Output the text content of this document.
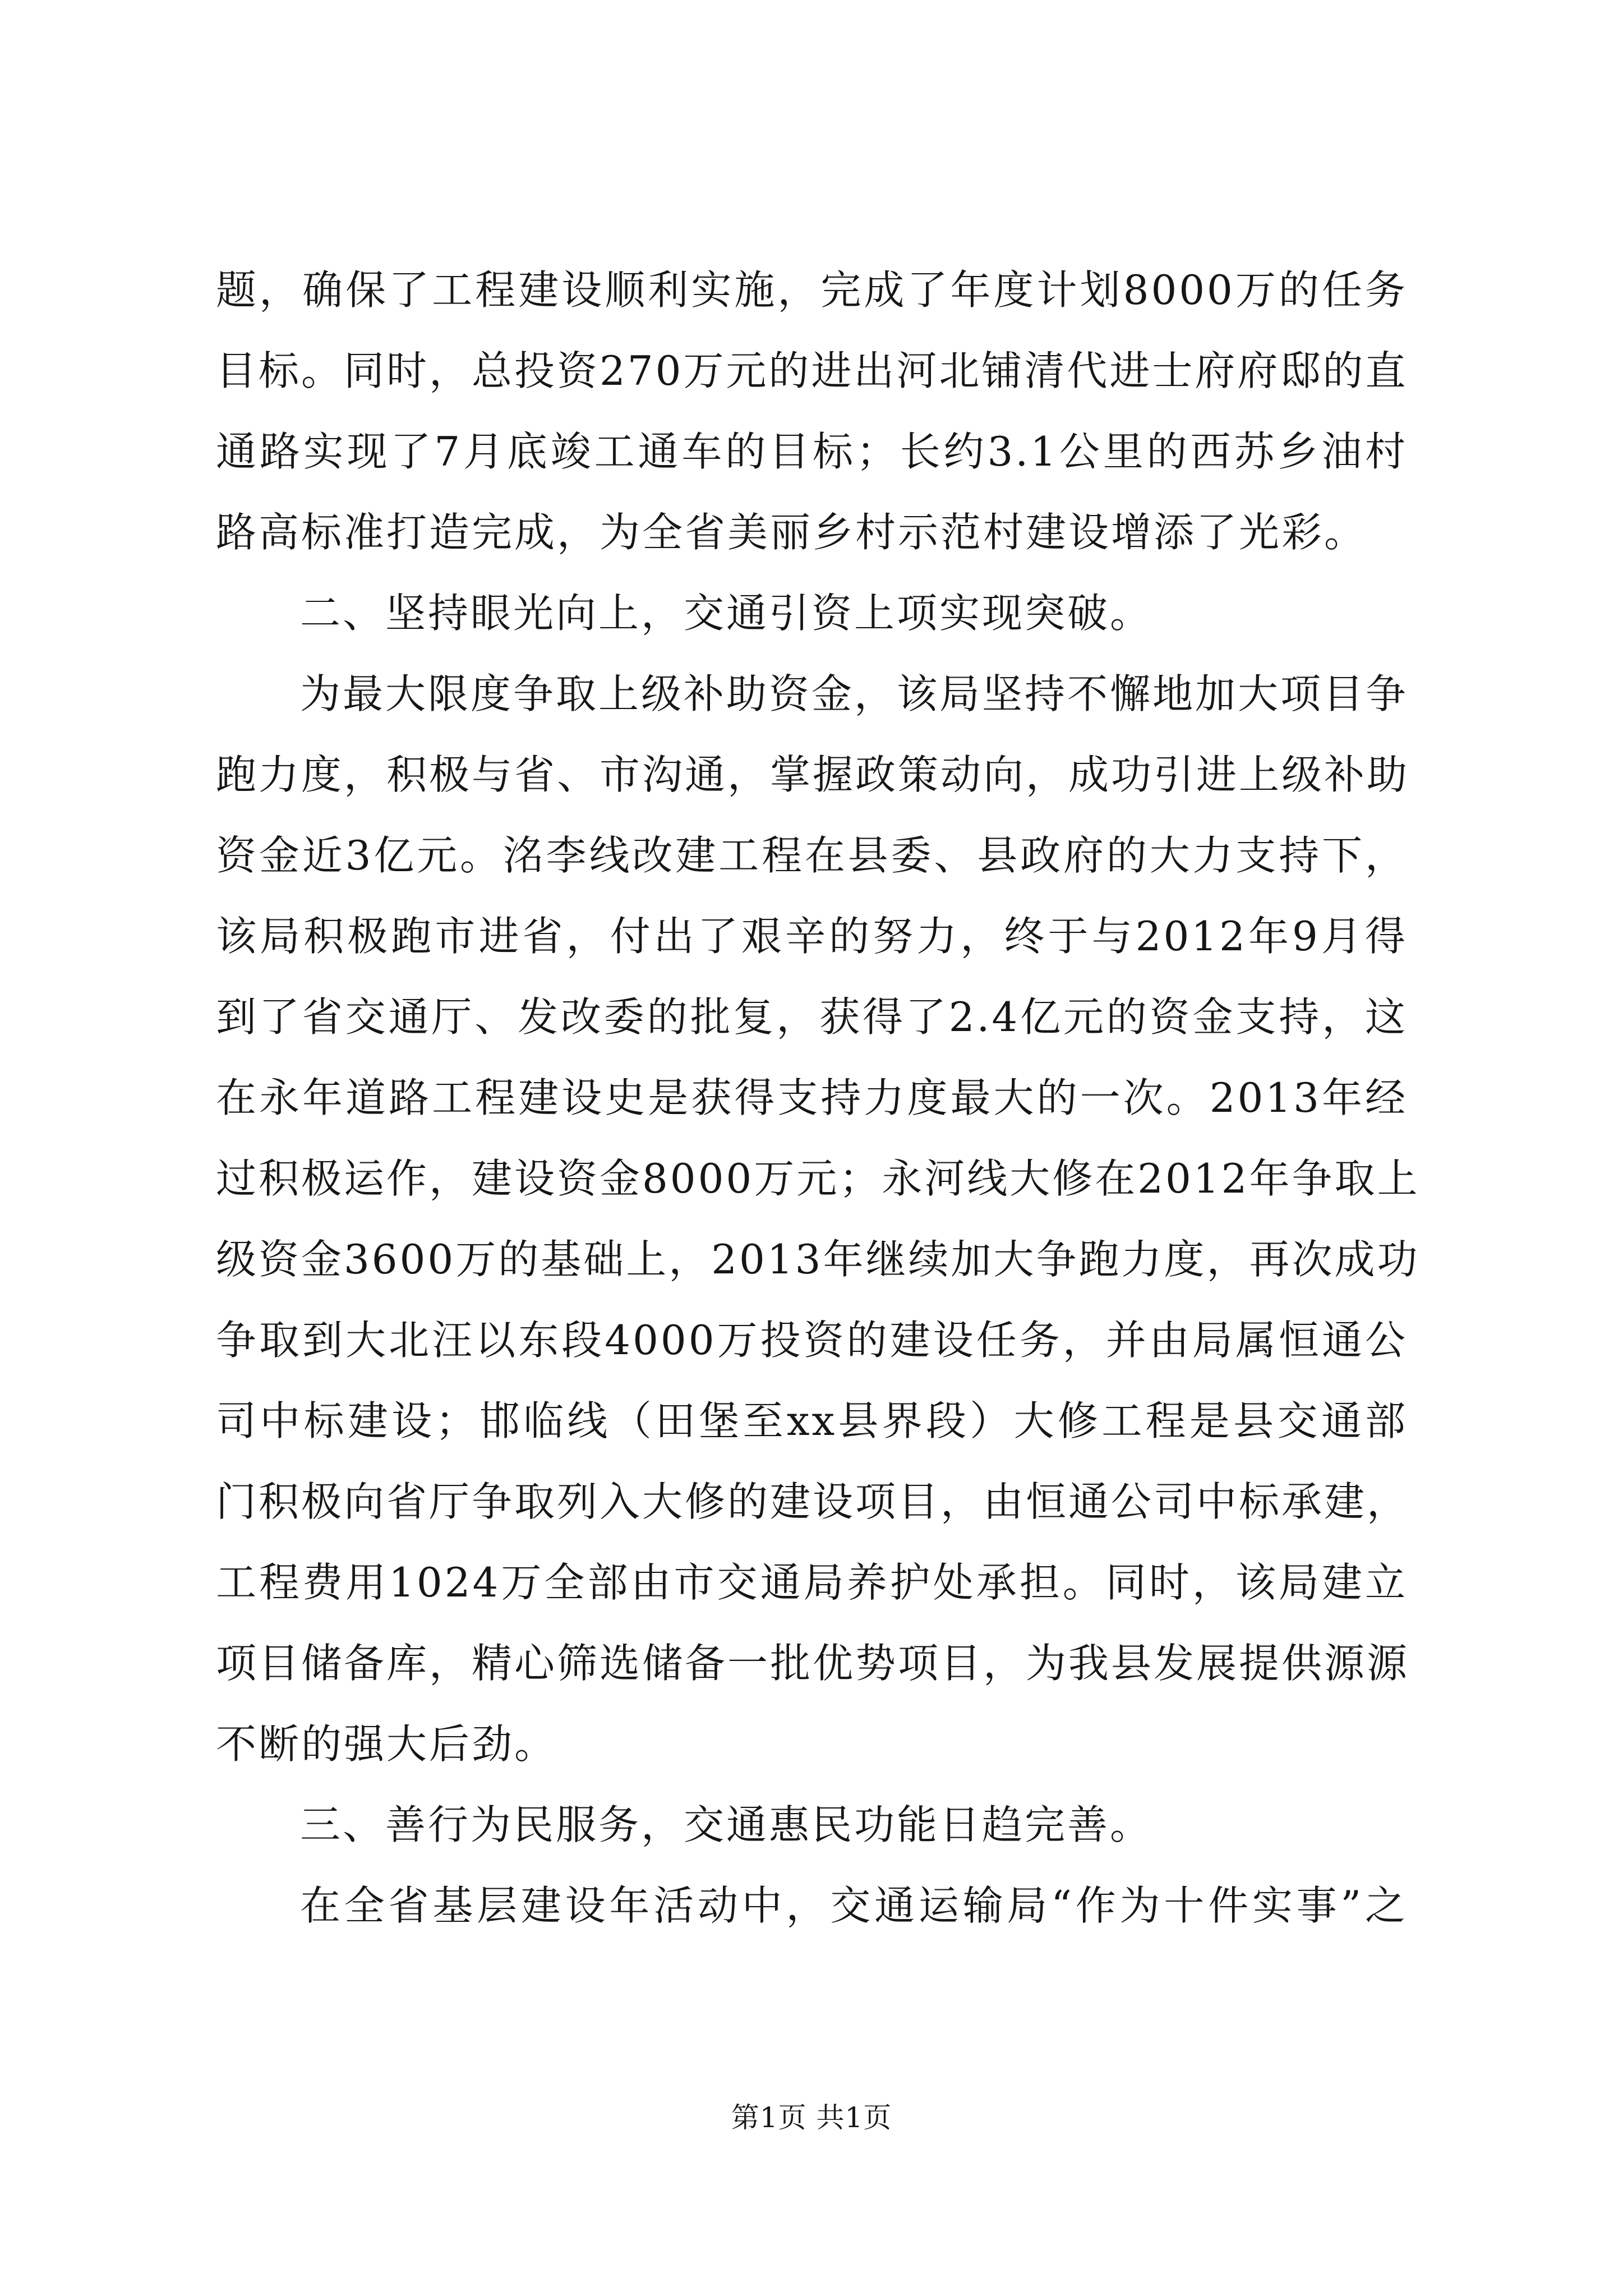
题，确保了工程建设顺利实施，完成了年度计划8000万的任务
目标。同时，总投资270万元的进出河北铺清代进士府府邸的直
通路实现了7月底竣工通车的目标；长约3.1公里的西苏乡油村
路高标准打造完成，为全省美丽乡村示范村建设增添了光彩。
二、坚持眼光向上，交通引资上项实现突破。
为最大限度争取上级补助资金，该局坚持不懈地加大项目争
跑力度，积极与省、市沟通，掌握政策动向，成功引进上级补助
资金近3亿元。洺李线改建工程在县委、县政府的大力支持下，
该局积极跑市进省，付出了艰辛的努力，终于与2012年9月得
到了省交通厅、发改委的批复，获得了2.4亿元的资金支持，这
在永年道路工程建设史是获得支持力度最大的一次。2013年经
过积极运作，建设资金8000万元；永河线大修在2012年争取上
级资金3600万的基础上，2013年继续加大争跑力度，再次成功
争取到大北汪以东段4000万投资的建设任务，并由局属恒通公
司中标建设；邯临线（田堡至xx县界段）大修工程是县交通部
门积极向省厅争取列入大修的建设项目，由恒通公司中标承建，
工程费用1024万全部由市交通局养护处承担。同时，该局建立
项目储备库，精心筛选储备一批优势项目，为我县发展提供源源
不断的强大后劲。
三、善行为民服务，交通惠民功能日趋完善。
在全省基层建设年活动中，交通运输局“作为十件实事”之
第1页 共1页
